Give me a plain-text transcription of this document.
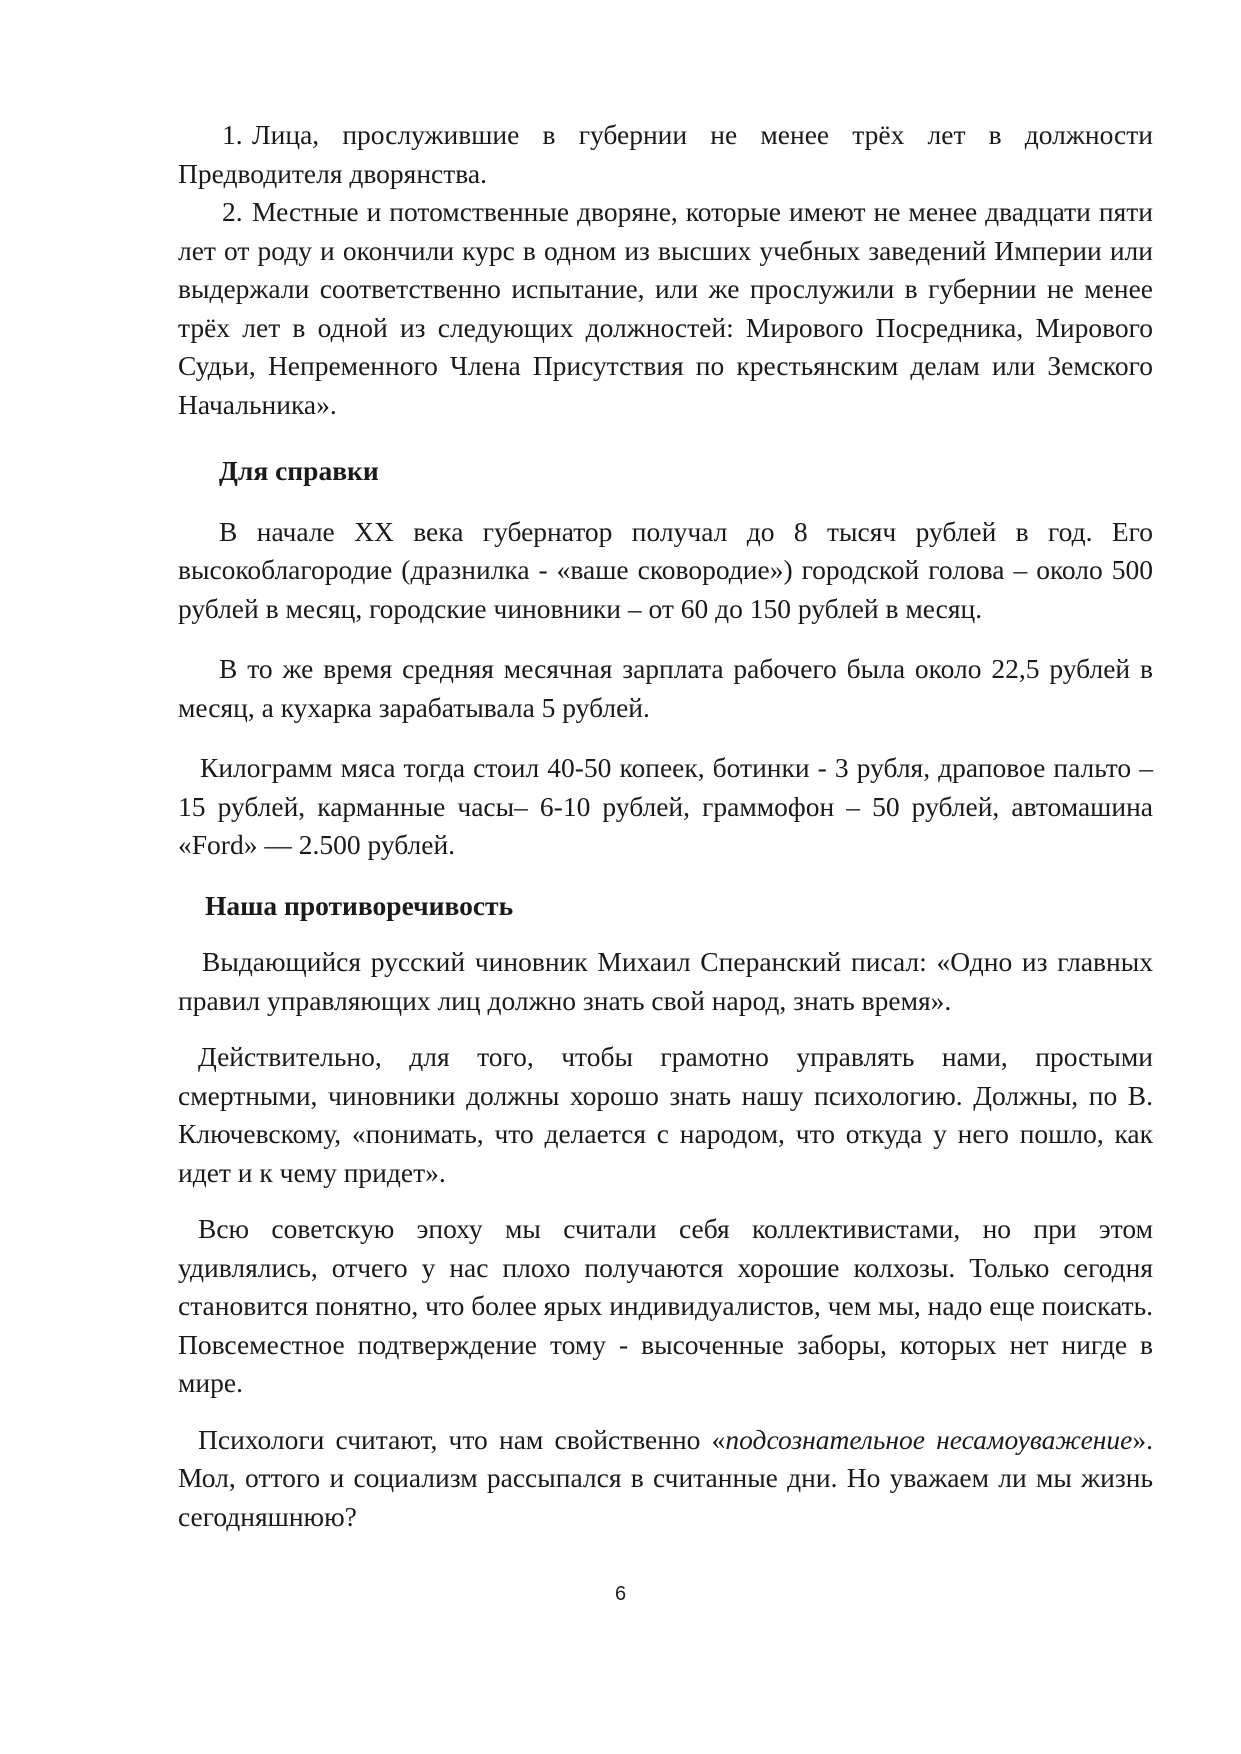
1. Лица, прослужившие в губернии не менее трёх лет в должности Предводителя дворянства.

2. Местные и потомственные дворяне, которые имеют не менее двадцати пяти лет от роду и окончили курс в одном из высших учебных заведений Империи или выдержали соответственно испытание, или же прослужили в губернии не менее трёх лет в одной из следующих должностей: Мирового Посредника, Мирового Судьи, Непременного Члена Присутствия по крестьянским делам или Земского Начальника».

Для справки

В начале XX века губернатор получал до 8 тысяч рублей в год. Его высокоблагородие (дразнилка - «ваше сковородие») городской голова – около 500 рублей в месяц, городские чиновники – от 60 до 150 рублей в месяц.

В то же время средняя месячная зарплата рабочего была около 22,5 рублей в месяц, а кухарка зарабатывала 5 рублей.

Килограмм мяса тогда стоил 40-50 копеек, ботинки - 3 рубля, драповое пальто – 15 рублей, карманные часы– 6-10 рублей, граммофон – 50 рублей, автомашина «Ford» — 2.500 рублей.

Наша противоречивость

Выдающийся русский чиновник Михаил Сперанский писал: «Одно из главных правил управляющих лиц должно знать свой народ, знать время».

Действительно, для того, чтобы грамотно управлять нами, простыми смертными, чиновники должны хорошо знать нашу психологию. Должны, по В. Ключевскому, «понимать, что делается с народом, что откуда у него пошло, как идет и к чему придет».

Всю советскую эпоху мы считали себя коллективистами, но при этом удивлялись, отчего у нас плохо получаются хорошие колхозы. Только сегодня становится понятно, что более ярых индивидуалистов, чем мы, надо еще поискать. Повсеместное подтверждение тому - высоченные заборы, которых нет нигде в мире.

Психологи считают, что нам свойственно «подсознательное несамоуважение». Мол, оттого и социализм рассыпался в считанные дни. Но уважаем ли мы жизнь сегодняшнюю?

6
